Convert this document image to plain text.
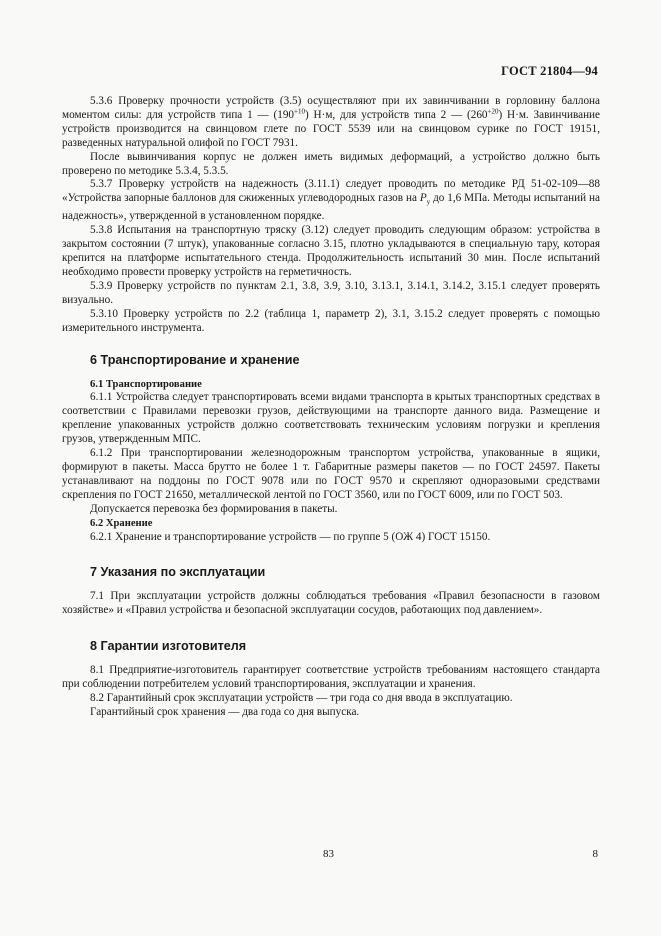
ГОСТ 21804—94

5.3.6 Проверку прочности устройств (3.5) осуществляют при их завинчивании в горловину баллона моментом силы: для устройств типа 1 — $(190^{+10})$ Н·м, для устройств типа 2 — $(260^{+20})$ Н·м. Завинчивание устройств производится на свинцовом глете по ГОСТ 5539 или на свинцовом сурике по ГОСТ 19151, разведенных натуральной олифой по ГОСТ 7931.

После вывинчивания корпус не должен иметь видимых деформаций, а устройство должно быть проверено по методике 5.3.4, 5.3.5.

5.3.7 Проверку устройств на надежность (3.11.1) следует проводить по методике РД 51-02-109—88 «Устройства запорные баллонов для сжиженных углеводородных газов на $P_y$ до 1,6 МПа. Методы испытаний на надежность», утвержденной в установленном порядке.

5.3.8 Испытания на транспортную тряску (3.12) следует проводить следующим образом: устройства в закрытом состоянии (7 штук), упакованные согласно 3.15, плотно укладываются в специальную тару, которая крепится на платформе испытательного стенда. Продолжительность испытаний 30 мин. После испытаний необходимо провести проверку устройств на герметичность.

5.3.9 Проверку устройств по пунктам 2.1, 3.8, 3.9, 3.10, 3.13.1, 3.14.1, 3.14.2, 3.15.1 следует проверять визуально.

5.3.10 Проверку устройств по 2.2 (таблица 1, параметр 2), 3.1, 3.15.2 следует проверять с помощью измерительного инструмента.

6 Транспортирование и хранение
6.1 Транспортирование

6.1.1 Устройства следует транспортировать всеми видами транспорта в крытых транспортных средствах в соответствии с Правилами перевозки грузов, действующими на транспорте данного вида. Размещение и крепление упакованных устройств должно соответствовать техническим условиям погрузки и крепления грузов, утвержденным МПС.

6.1.2 При транспортировании железнодорожным транспортом устройства, упакованные в ящики, формируют в пакеты. Масса брутто не более 1 т. Габаритные размеры пакетов — по ГОСТ 24597. Пакеты устанавливают на поддоны по ГОСТ 9078 или по ГОСТ 9570 и скрепляют одноразовыми средствами скрепления по ГОСТ 21650, металлической лентой по ГОСТ 3560, или по ГОСТ 6009, или по ГОСТ 503.

Допускается перевозка без формирования в пакеты.

6.2 Хранение

6.2.1 Хранение и транспортирование устройств — по группе 5 (ОЖ 4) ГОСТ 15150.

7 Указания по эксплуатации

7.1 При эксплуатации устройств должны соблюдаться требования «Правил безопасности в газовом хозяйстве» и «Правил устройства и безопасной эксплуатации сосудов, работающих под давлением».

8 Гарантии изготовителя

8.1 Предприятие-изготовитель гарантирует соответствие устройств требованиям настоящего стандарта при соблюдении потребителем условий транспортирования, эксплуатации и хранения.

8.2 Гарантийный срок эксплуатации устройств — три года со дня ввода в эксплуатацию.

Гарантийный срок хранения — два года со дня выпуска.

83	8
